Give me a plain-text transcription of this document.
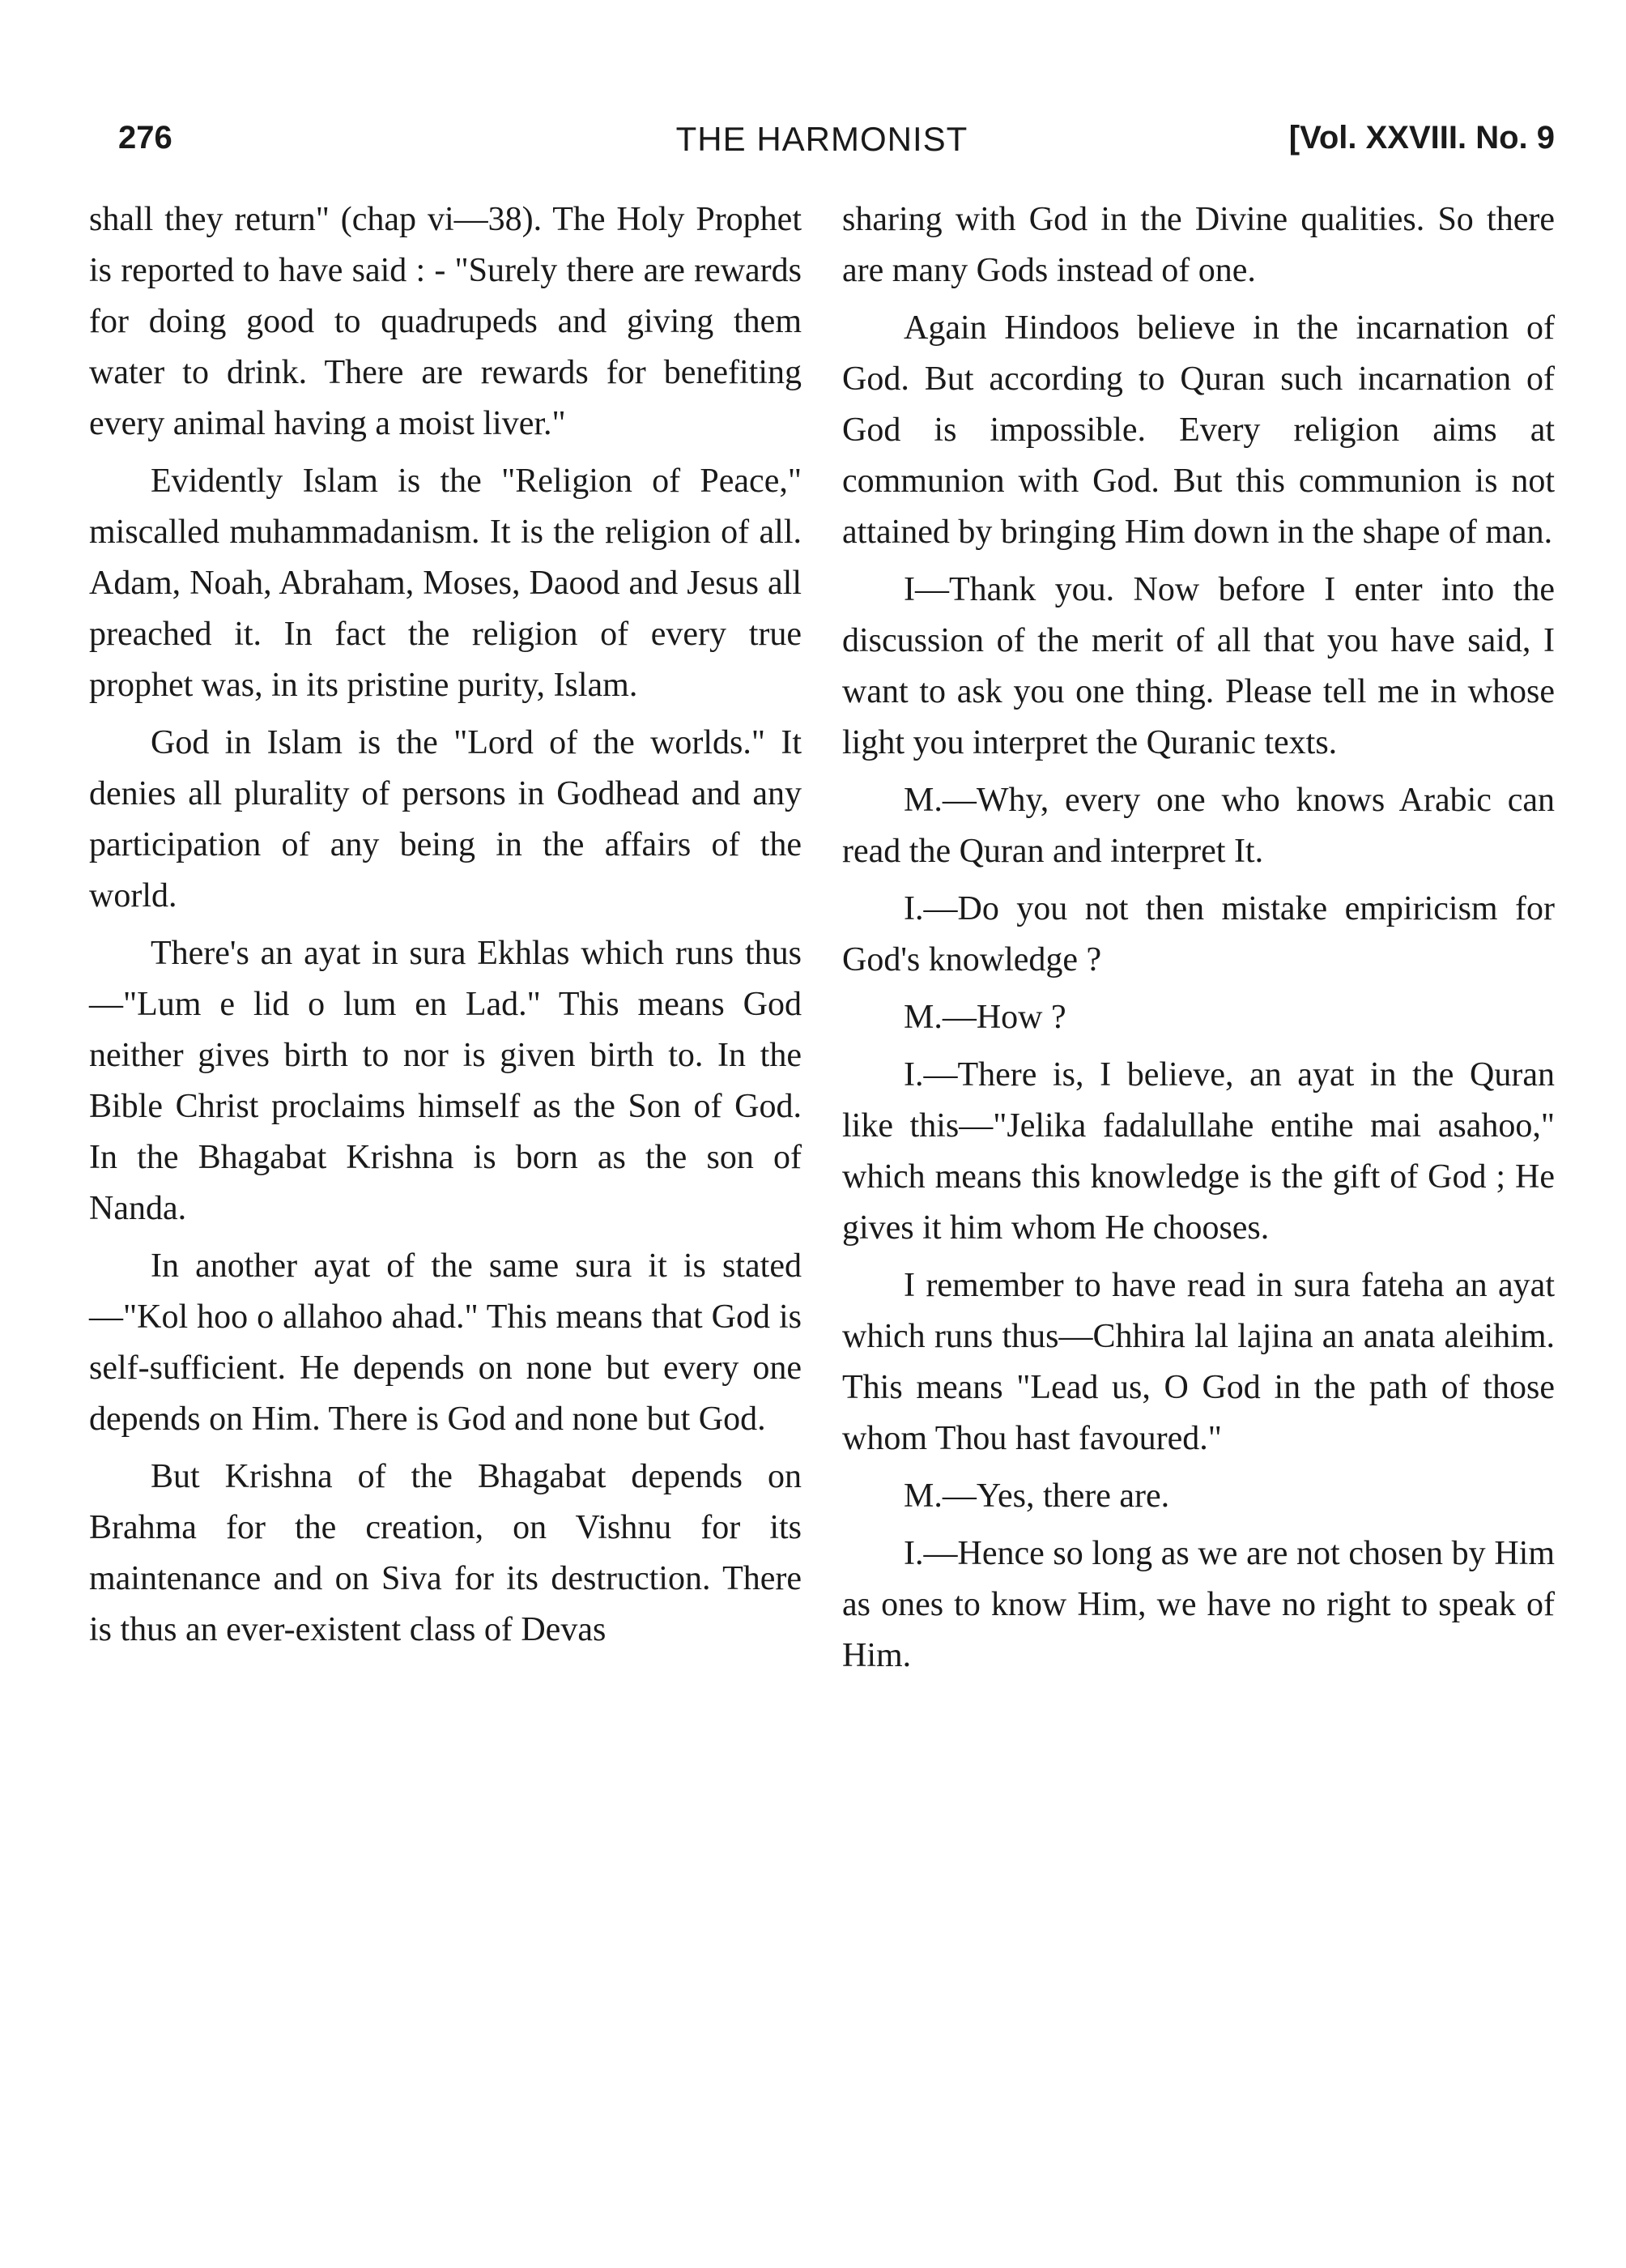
276	THE HARMONIST	[Vol. XXVIII. No. 9

shall they return" (chap vi—38). The Holy Prophet is reported to have said : - "Surely there are rewards for doing good to quadrupeds and giving them water to drink. There are rewards for benefiting every animal having a moist liver."

Evidently Islam is the "Religion of Peace," miscalled muhammadanism. It is the religion of all. Adam, Noah, Abraham, Moses, Daood and Jesus all preached it. In fact the religion of every true prophet was, in its pristine purity, Islam.

God in Islam is the "Lord of the worlds." It denies all plurality of persons in Godhead and any participation of any being in the affairs of the world.

There's an ayat in sura Ekhlas which runs thus—"Lum e lid o lum en Lad." This means God neither gives birth to nor is given birth to. In the Bible Christ proclaims himself as the Son of God. In the Bhagabat Krishna is born as the son of Nanda.

In another ayat of the same sura it is stated—"Kol hoo o allahoo ahad." This means that God is self-sufficient. He depends on none but every one depends on Him. There is God and none but God.

But Krishna of the Bhagabat depends on Brahma for the creation, on Vishnu for its maintenance and on Siva for its destruction. There is thus an ever-existent class of Devas

sharing with God in the Divine qualities. So there are many Gods instead of one.

Again Hindoos believe in the incarnation of God. But according to Quran such incarnation of God is impossible. Every religion aims at communion with God. But this communion is not attained by bringing Him down in the shape of man.

I—Thank you. Now before I enter into the discussion of the merit of all that you have said, I want to ask you one thing. Please tell me in whose light you interpret the Quranic texts.

M.—Why, every one who knows Arabic can read the Quran and interpret It.

I.—Do you not then mistake empiricism for God's knowledge ?

M.—How ?

I.—There is, I believe, an ayat in the Quran like this—"Jelika fadalullahe entihe mai asahoo," which means this knowledge is the gift of God ; He gives it him whom He chooses.

I remember to have read in sura fateha an ayat which runs thus—Chhira lal lajina an anata aleihim. This means "Lead us, O God in the path of those whom Thou hast favoured."

M.—Yes, there are.

I.—Hence so long as we are not chosen by Him as ones to know Him, we have no right to speak of Him.
